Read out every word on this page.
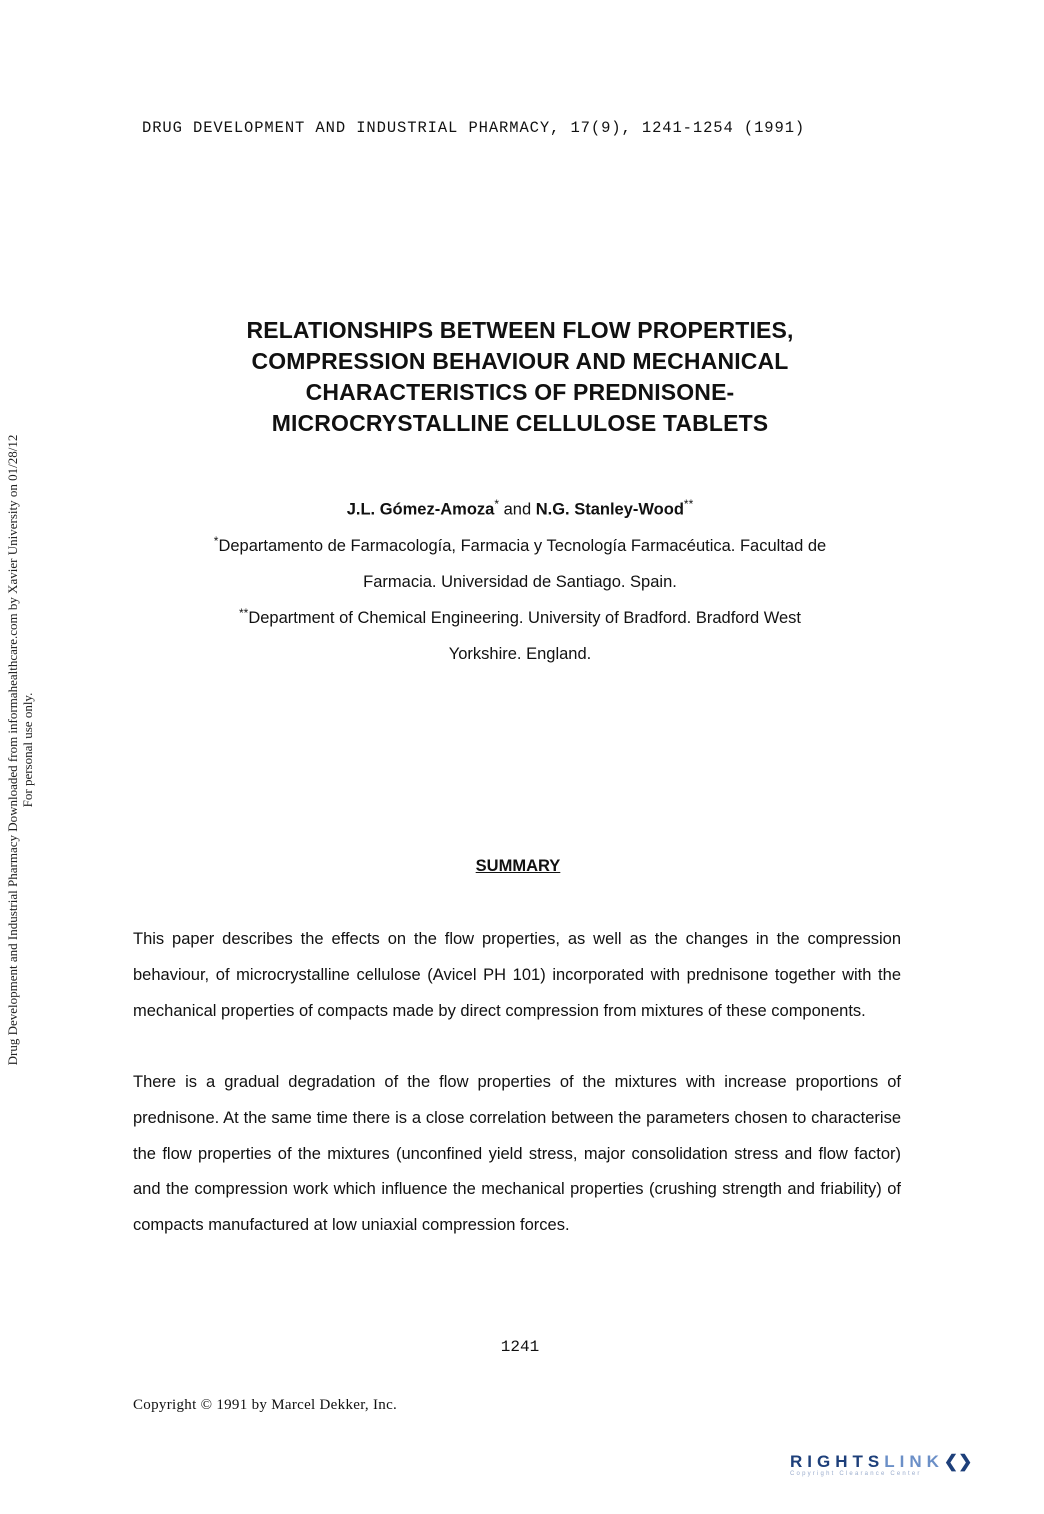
DRUG DEVELOPMENT AND INDUSTRIAL PHARMACY, 17(9), 1241-1254 (1991)
Drug Development and Industrial Pharmacy Downloaded from informahealthcare.com by Xavier University on 01/28/12 For personal use only.
RELATIONSHIPS BETWEEN FLOW PROPERTIES,
COMPRESSION BEHAVIOUR AND MECHANICAL
CHARACTERISTICS OF PREDNISONE-
MICROCRYSTALLINE CELLULOSE TABLETS
J.L. Gómez-Amoza* and N.G. Stanley-Wood**
*Departamento de Farmacología, Farmacia y Tecnología Farmacéutica. Facultad de
Farmacia. Universidad de Santiago. Spain.
**Department of Chemical Engineering. University of Bradford. Bradford West
Yorkshire. England.
SUMMARY
This paper describes the effects on the flow properties, as well as the changes in the compression behaviour, of microcrystalline cellulose (Avicel PH 101) incorporated with prednisone together with the mechanical properties of compacts made by direct compression from mixtures of these components.
There is a gradual degradation of the flow properties of the mixtures with increase proportions of prednisone. At the same time there is a close correlation between the parameters chosen to characterise the flow properties of the mixtures (unconfined yield stress, major consolidation stress and flow factor) and the compression work which influence the mechanical properties (crushing strength and friability) of compacts manufactured at low uniaxial compression forces.
1241
Copyright © 1991 by Marcel Dekker, Inc.
RIGHTSLINK❮❯
Copyright Clearance Center
